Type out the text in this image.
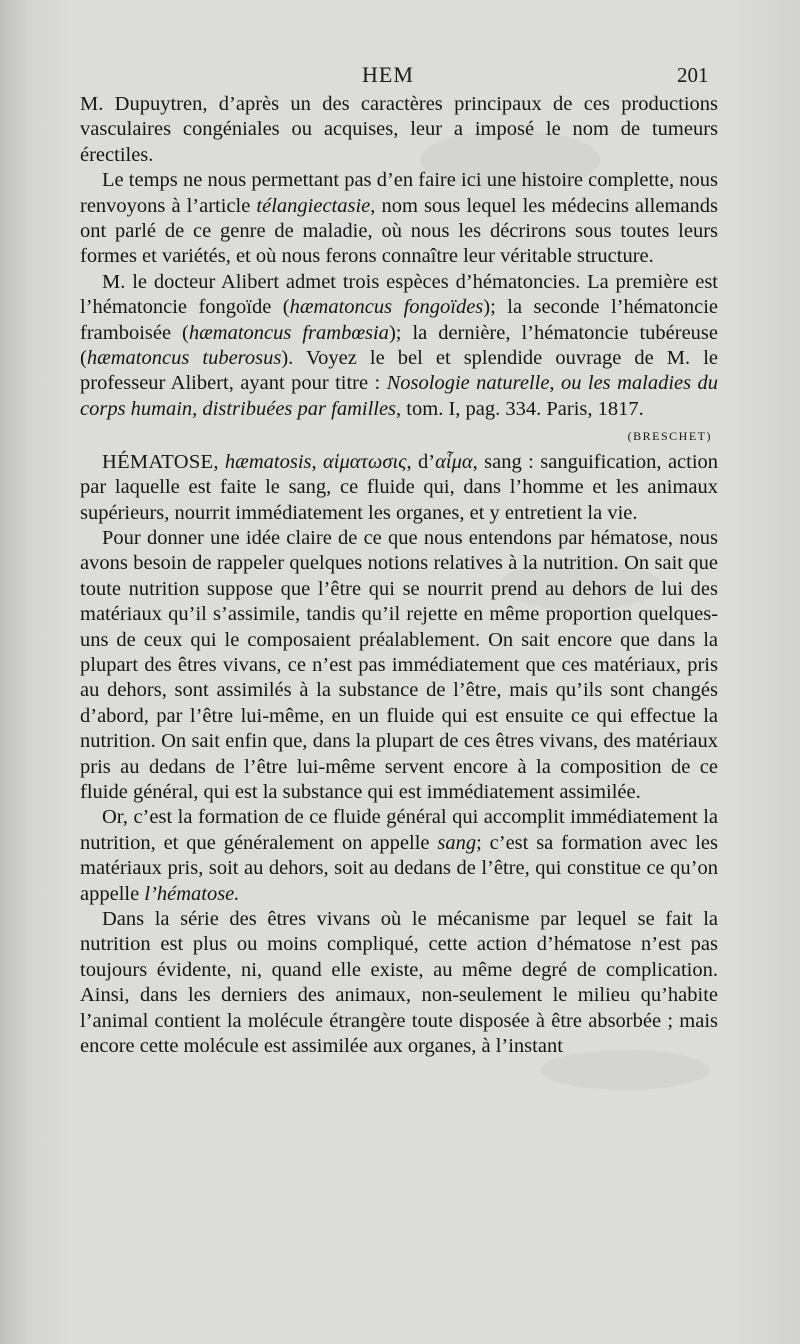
HEM	201

M. Dupuytren, d’après un des caractères principaux de ces productions vasculaires congéniales ou acquises, leur a imposé le nom de tumeurs érectiles.

Le temps ne nous permettant pas d’en faire ici une histoire complette, nous renvoyons à l’article télangiectasie, nom sous lequel les médecins allemands ont parlé de ce genre de maladie, où nous les décrirons sous toutes leurs formes et variétés, et où nous ferons connaître leur véritable structure.

M. le docteur Alibert admet trois espèces d’hématoncies. La première est l’hématoncie fongoïde (hæmatoncus fongoïdes); la seconde l’hématoncie framboisée (hæmatoncus frambœsia); la dernière, l’hématoncie tubéreuse (hæmatoncus tuberosus). Voyez le bel et splendide ouvrage de M. le professeur Alibert, ayant pour titre : Nosologie naturelle, ou les maladies du corps humain, distribuées par familles, tom. I, pag. 334. Paris, 1817.
(BRESCHET)

HÉMATOSE, hæmatosis, αἱματωσις, d’αἷμα, sang : sanguification, action par laquelle est faite le sang, ce fluide qui, dans l’homme et les animaux supérieurs, nourrit immédiatement les organes, et y entretient la vie.

Pour donner une idée claire de ce que nous entendons par hématose, nous avons besoin de rappeler quelques notions relatives à la nutrition. On sait que toute nutrition suppose que l’être qui se nourrit prend au dehors de lui des matériaux qu’il s’assimile, tandis qu’il rejette en même proportion quelques-uns de ceux qui le composaient préalablement. On sait encore que dans la plupart des êtres vivans, ce n’est pas immédiatement que ces matériaux, pris au dehors, sont assimilés à la substance de l’être, mais qu’ils sont changés d’abord, par l’être lui-même, en un fluide qui est ensuite ce qui effectue la nutrition. On sait enfin que, dans la plupart de ces êtres vivans, des matériaux pris au dedans de l’être lui-même servent encore à la composition de ce fluide général, qui est la substance qui est immédiatement assimilée.

Or, c’est la formation de ce fluide général qui accomplit immédiatement la nutrition, et que généralement on appelle sang; c’est sa formation avec les matériaux pris, soit au dehors, soit au dedans de l’être, qui constitue ce qu’on appelle l’hématose.

Dans la série des êtres vivans où le mécanisme par lequel se fait la nutrition est plus ou moins compliqué, cette action d’hématose n’est pas toujours évidente, ni, quand elle existe, au même degré de complication. Ainsi, dans les derniers des animaux, non-seulement le milieu qu’habite l’animal contient la molécule étrangère toute disposée à être absorbée ; mais encore cette molécule est assimilée aux organes, à l’instant
